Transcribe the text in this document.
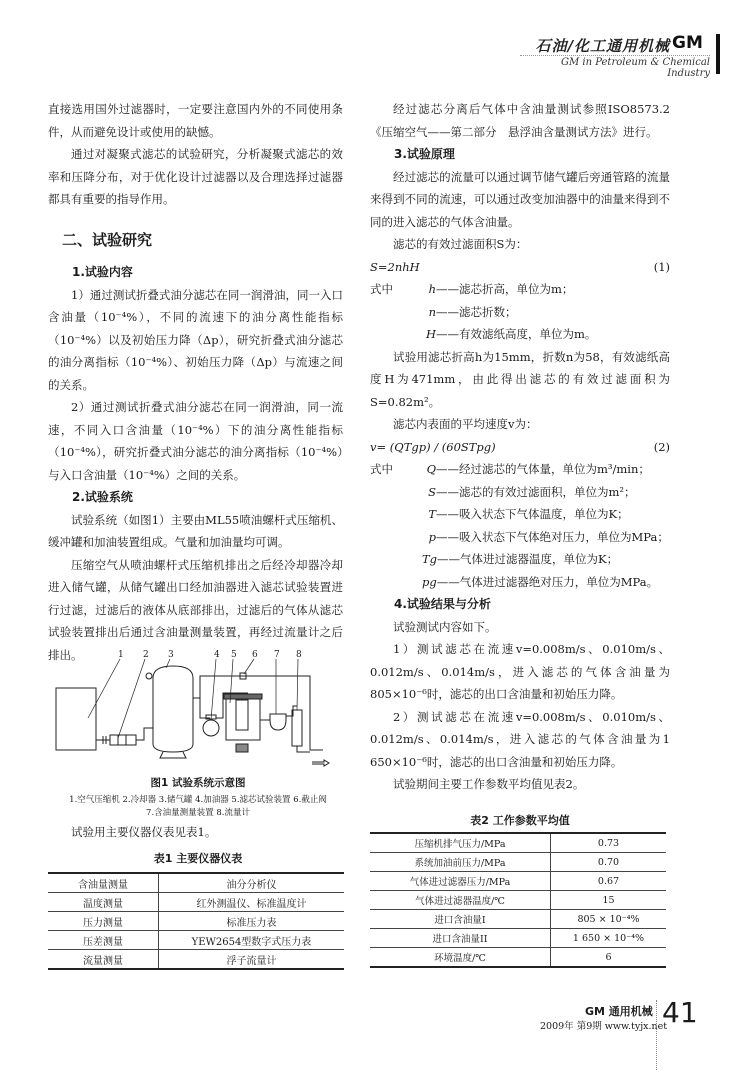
石油/化工通用机械 GM
GM in Petroleum & Chemical Industry

直接选用国外过滤器时，一定要注意国内外的不同使用条件，从而避免设计或使用的缺憾。

通过对凝聚式滤芯的试验研究，分析凝聚式滤芯的效率和压降分布，对于优化设计过滤器以及合理选择过滤器都具有重要的指导作用。

二、试验研究

1.试验内容

1）通过测试折叠式油分滤芯在同一润滑油，同一入口含油量（10⁻⁴%），不同的流速下的油分离性能指标（10⁻⁴%）以及初始压力降（Δp），研究折叠式油分滤芯的油分离指标（10⁻⁴%）、初始压力降（Δp）与流速之间的关系。

2）通过测试折叠式油分滤芯在同一润滑油，同一流速，不同入口含油量（10⁻⁴%）下的油分离性能指标（10⁻⁴%），研究折叠式油分滤芯的油分离指标（10⁻⁴%）与入口含油量（10⁻⁴%）之间的关系。

2.试验系统

试验系统（如图1）主要由ML55喷油螺杆式压缩机、缓冲罐和加油装置组成。气量和加油量均可调。

压缩空气从喷油螺杆式压缩机排出之后经冷却器冷却进入储气罐，从储气罐出口经加油器进入滤芯试验装置进行过滤，过滤后的液体从底部排出，过滤后的气体从滤芯试验装置排出后通过含油量测量装置，再经过流量计之后排出。	1 2 3	4 5 6 7 8
图1 试验系统示意图
1.空气压缩机 2.冷却器 3.储气罐 4.加油器 5.滤芯试验装置 6.截止阀
7.含油量测量装置 8.流量计
试验用主要仪器仪表见表1。
表1 主要仪器仪表
含油量测量	油分分析仪
温度测量	红外测温仪、标准温度计
压力测量	标准压力表
压差测量	YEW2654型数字式压力表
流量测量	浮子流量计

经过滤芯分离后气体中含油量测试参照ISO8573.2《压缩空气——第二部分　悬浮油含量测试方法》进行。

3.试验原理

经过滤芯的流量可以通过调节储气罐后旁通管路的流量来得到不同的流速，可以通过改变加油器中的油量来得到不同的进入滤芯的气体含油量。

滤芯的有效过滤面积S为：

S=2nhH	(1)

式中	h ——滤芯折高，单位为m；
n ——滤芯折数；
H ——有效滤纸高度，单位为m。

试验用滤芯折高h为15mm，折数n为58，有效滤纸高度H为471mm，由此得出滤芯的有效过滤面积为S=0.82m²。

滤芯内表面的平均速度v为：

v= (QTgp) / (60STpg)	(2)

式中	Q ——经过滤芯的气体量，单位为m³/min；
S ——滤芯的有效过滤面积，单位为m²；
T ——吸入状态下气体温度，单位为K；
p ——吸入状态下气体绝对压力，单位为MPa；
Tg ——气体进过滤器温度，单位为K；
pg ——气体进过滤器绝对压力，单位为MPa。

4.试验结果与分析

试验测试内容如下。

1）测试滤芯在流速v=0.008m/s、0.010m/s、0.012m/s、0.014m/s，进入滤芯的气体含油量为805×10⁻⁶时，滤芯的出口含油量和初始压力降。

2）测试滤芯在流速v=0.008m/s、0.010m/s、0.012m/s、0.014m/s，进入滤芯的气体含油量为1 650×10⁻⁶时，滤芯的出口含油量和初始压力降。

试验期间主要工作参数平均值见表2。

表2 工作参数平均值
压缩机排气压力/MPa	0.73
系统加油前压力/MPa	0.70
气体进过滤器压力/MPa	0.67
气体进过滤器温度/℃	15
进口含油量I	805 × 10⁻⁴%
进口含油量II	1 650 × 10⁻⁴%
环境温度/℃	6
GM 通用机械
2009年 第9期 www.tyjx.net
41
